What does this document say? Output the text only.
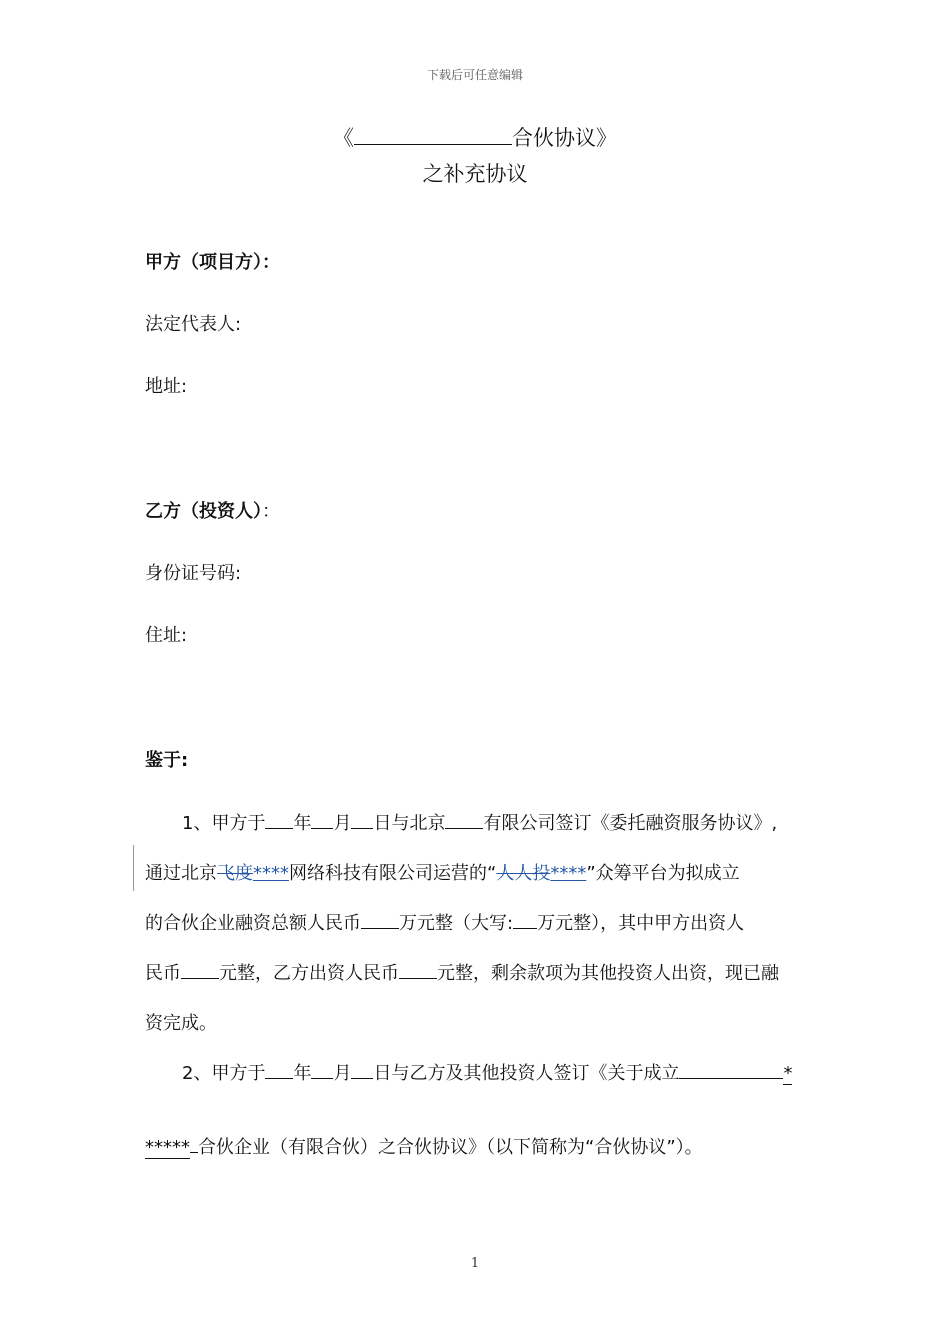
下载后可任意编辑
《	合伙协议》
之补充协议
甲方（项目方）：
法定代表人:
地址:
乙方（投资人）：
身份证号码:
住址:
鉴于:
1、甲方于 年 月 日与北京 有限公司签订《委托融资服务协议》,
通过北京飞度****网络科技有限公司运营的“人人投****”众筹平台为拟成立
的合伙企业融资总额人民币 万元整（大写: 万元整），其中甲方出资人
民币 元整，乙方出资人民币 元整，剩余款项为其他投资人出资，现已融
资完成。
2、甲方于 年 月 日与乙方及其他投资人签订《关于成立	*
***** 合伙企业（有限合伙）之合伙协议》（以下简称为“合伙协议”）。
1
